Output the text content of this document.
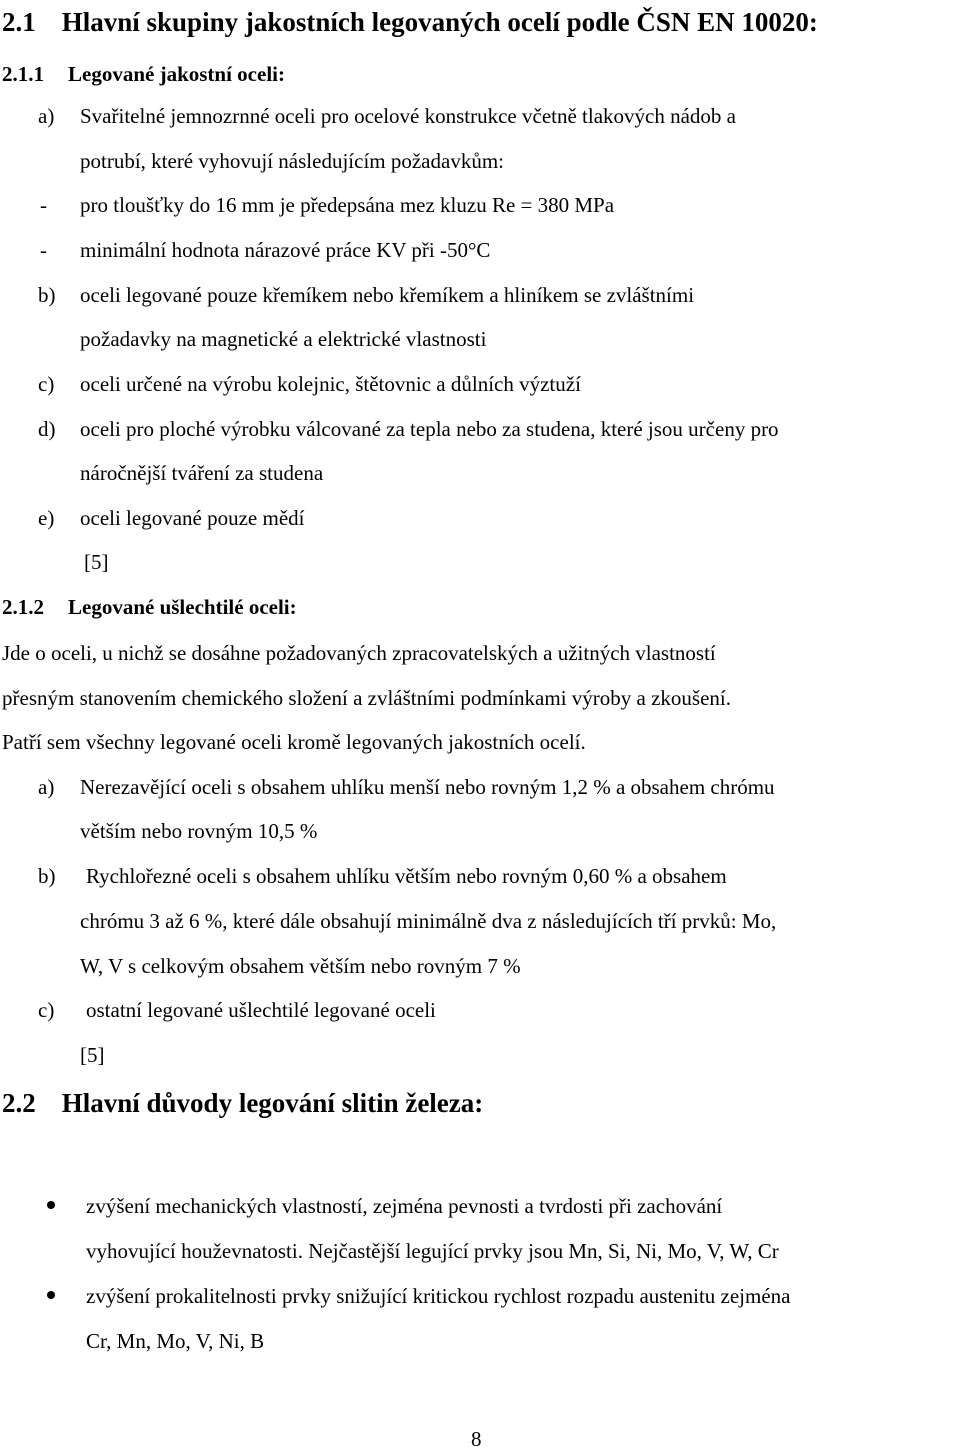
2.1 Hlavní skupiny jakostních legovaných ocelí podle ČSN EN 10020:
2.1.1 Legované jakostní oceli:
a) Svařitelné jemnozrnné oceli pro ocelové konstrukce včetně tlakových nádob a
potrubí, které vyhovují následujícím požadavkům:
- pro tloušťky do 16 mm je předepsána mez kluzu Re = 380 MPa
- minimální hodnota nárazové práce KV při -50°C
b) oceli legované pouze křemíkem nebo křemíkem a hliníkem se zvláštními
požadavky na magnetické a elektrické vlastnosti
c) oceli určené na výrobu kolejnic, štětovnic a důlních výztuží
d) oceli pro ploché výrobku válcované za tepla nebo za studena, které jsou určeny pro
náročnější tváření za studena
e) oceli legované pouze mědí
[5]
2.1.2 Legované ušlechtilé oceli:
Jde o oceli, u nichž se dosáhne požadovaných zpracovatelských a užitných vlastností
přesným stanovením chemického složení a zvláštními podmínkami výroby a zkoušení.
Patří sem všechny legované oceli kromě legovaných jakostních ocelí.
a) Nerezavějící oceli s obsahem uhlíku menší nebo rovným 1,2 % a obsahem chrómu
větším nebo rovným 10,5 %
b) Rychlořezné oceli s obsahem uhlíku větším nebo rovným 0,60 % a obsahem
chrómu 3 až 6 %, které dále obsahují minimálně dva z následujících tří prvků: Mo,
W, V s celkovým obsahem větším nebo rovným 7 %
c) ostatní legované ušlechtilé legované oceli
[5]
2.2 Hlavní důvody legování slitin železa:
zvýšení mechanických vlastností, zejména pevnosti a tvrdosti při zachování
vyhovující houževnatosti. Nejčastější legující prvky jsou Mn, Si, Ni, Mo, V, W, Cr
zvýšení prokalitelnosti prvky snižující kritickou rychlost rozpadu austenitu zejména
Cr, Mn, Mo, V, Ni, B
8
